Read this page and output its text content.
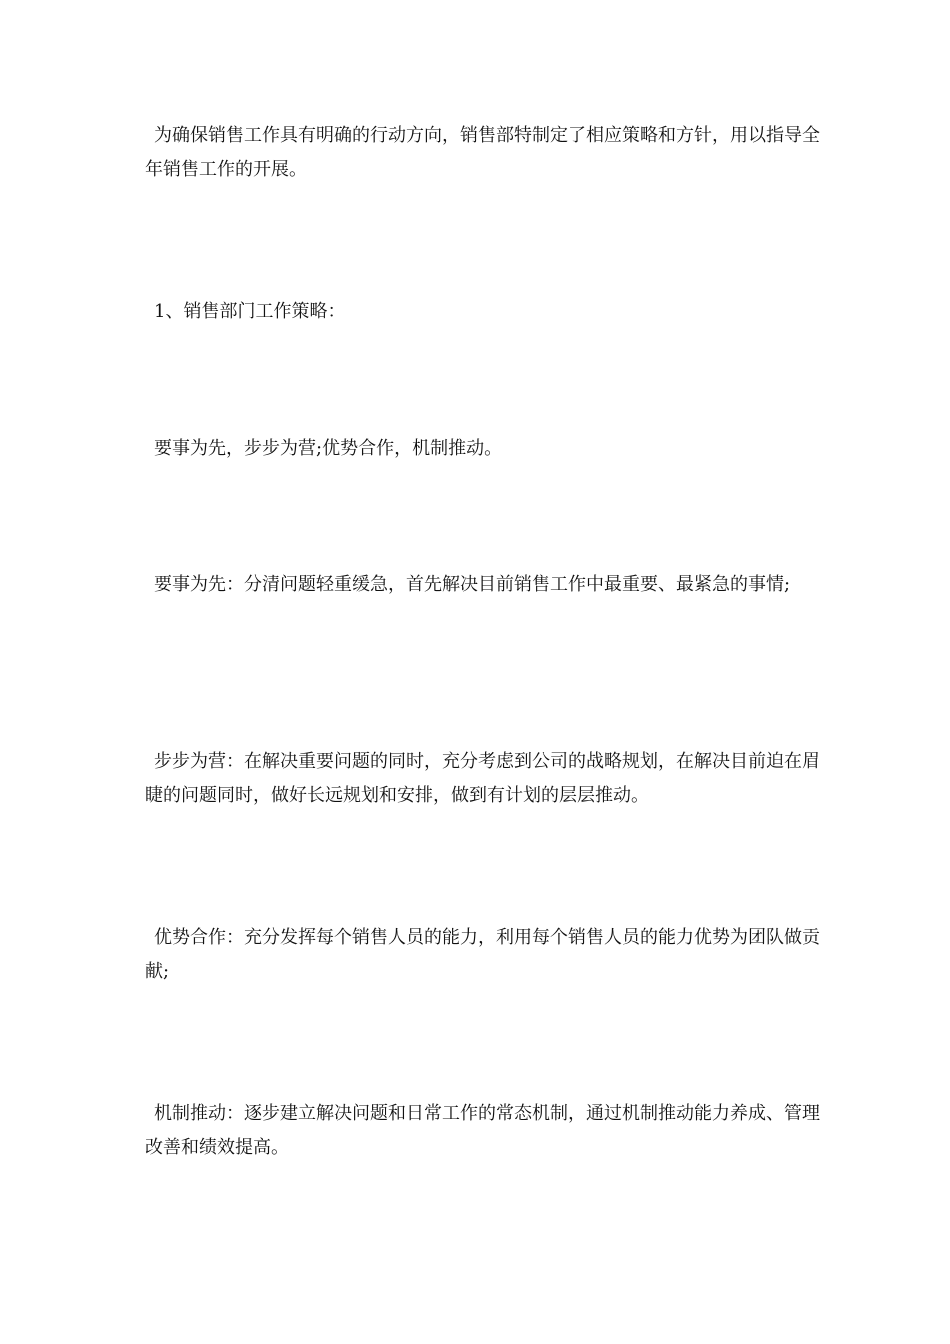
为确保销售工作具有明确的行动方向，销售部特制定了相应策略和方针，用以指导全年销售工作的开展。

1、销售部门工作策略：

要事为先，步步为营;优势合作，机制推动。

要事为先：分清问题轻重缓急，首先解决目前销售工作中最重要、最紧急的事情;

步步为营：在解决重要问题的同时，充分考虑到公司的战略规划，在解决目前迫在眉睫的问题同时，做好长远规划和安排，做到有计划的层层推动。

优势合作：充分发挥每个销售人员的能力，利用每个销售人员的能力优势为团队做贡献;

机制推动：逐步建立解决问题和日常工作的常态机制，通过机制推动能力养成、管理改善和绩效提高。
